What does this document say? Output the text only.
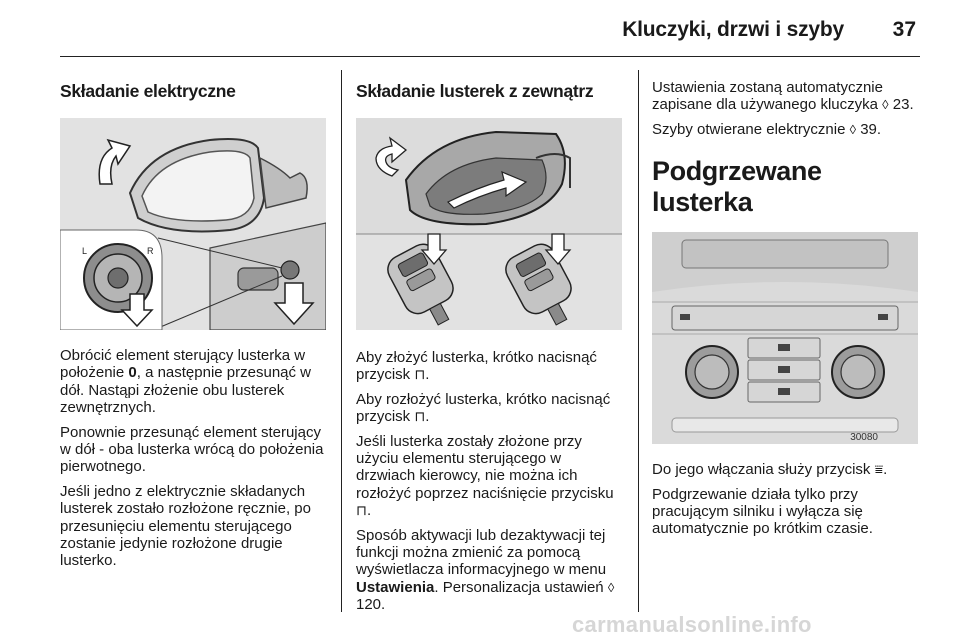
Kluczyki, drzwi i szyby 37
Składanie elektryczne
L	R

Obrócić element sterujący lusterka w położenie 0, a następnie przesunąć w dół. Nastąpi złożenie obu lusterek zewnętrznych.

Ponownie przesunąć element sterujący w dół - oba lusterka wrócą do położenia pierwotnego.

Jeśli jedno z elektrycznie składanych lusterek zostało rozłożone ręcznie, po przesunięciu elementu sterującego zostanie jedynie rozłożone drugie lusterko.

Składanie lusterek z zewnątrz

Aby złożyć lusterka, krótko nacisnąć przycisk ⊓.

Aby rozłożyć lusterka, krótko nacisnąć przycisk ⊓.

Jeśli lusterka zostały złożone przy użyciu elementu sterującego w drzwiach kierowcy, nie można ich rozłożyć poprzez naciśnięcie przycisku ⊓.

Sposób aktywacji lub dezaktywacji tej funkcji można zmienić za pomocą wyświetlacza informacyjnego w menu Ustawienia. Personalizacja ustawień ◊ 120.

Ustawienia zostaną automatycznie zapisane dla używanego kluczyka ◊ 23.

Szyby otwierane elektrycznie ◊ 39.

Podgrzewane lusterka
30080

Do jego włączania służy przycisk ⩸.

Podgrzewanie działa tylko przy pracującym silniku i wyłącza się automatycznie po krótkim czasie.

carmanualsonline.info
